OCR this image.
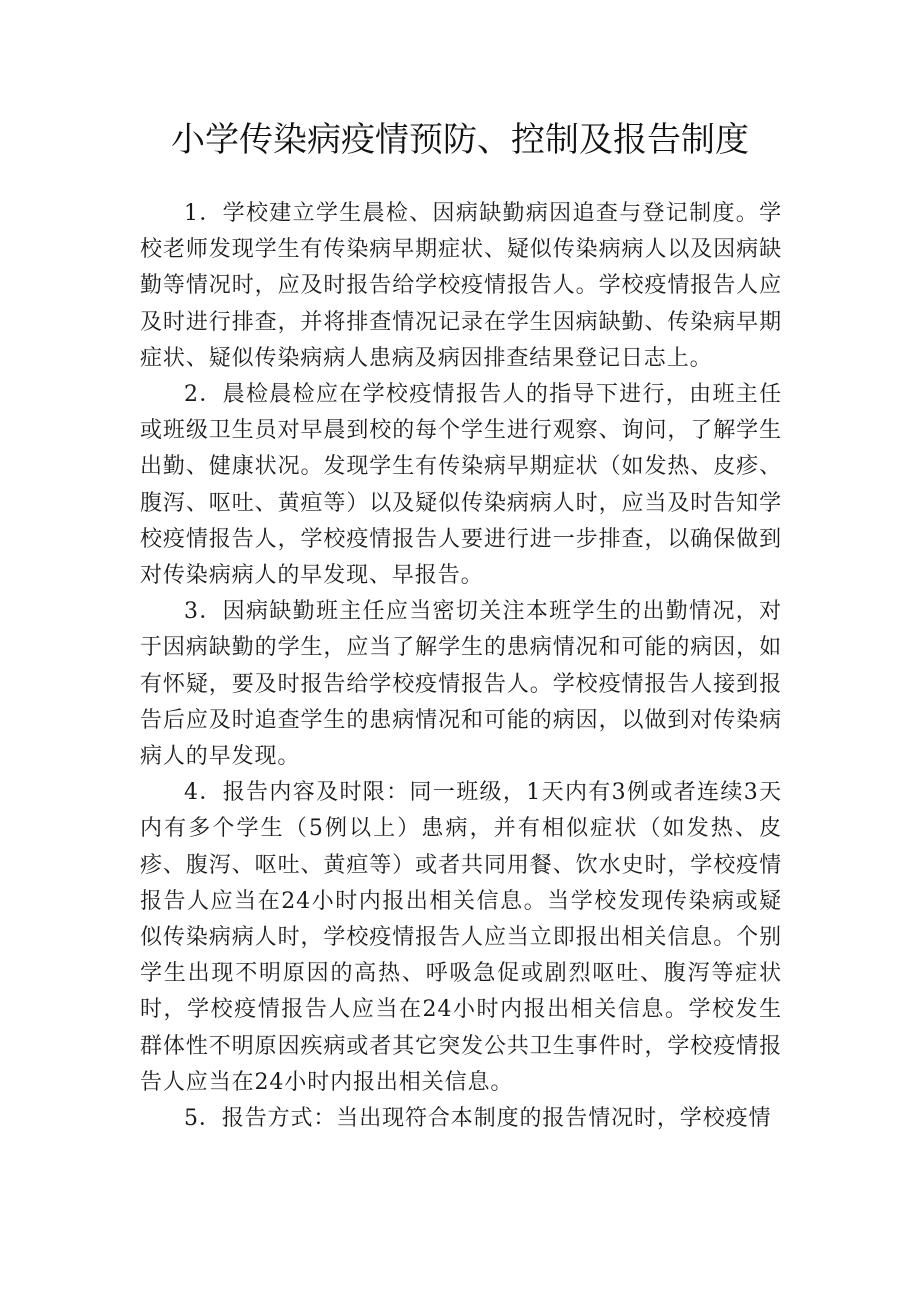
小学传染病疫情预防、控制及报告制度

1．学校建立学生晨检、因病缺勤病因追查与登记制度。学校老师发现学生有传染病早期症状、疑似传染病病人以及因病缺勤等情况时，应及时报告给学校疫情报告人。学校疫情报告人应及时进行排查，并将排查情况记录在学生因病缺勤、传染病早期症状、疑似传染病病人患病及病因排查结果登记日志上。

2．晨检晨检应在学校疫情报告人的指导下进行，由班主任或班级卫生员对早晨到校的每个学生进行观察、询问，了解学生出勤、健康状况。发现学生有传染病早期症状（如发热、皮疹、腹泻、呕吐、黄疸等）以及疑似传染病病人时，应当及时告知学校疫情报告人，学校疫情报告人要进行进一步排查，以确保做到对传染病病人的早发现、早报告。

3．因病缺勤班主任应当密切关注本班学生的出勤情况，对于因病缺勤的学生，应当了解学生的患病情况和可能的病因，如有怀疑，要及时报告给学校疫情报告人。学校疫情报告人接到报告后应及时追查学生的患病情况和可能的病因，以做到对传染病病人的早发现。

4．报告内容及时限：同一班级，1天内有3例或者连续3天内有多个学生（5例以上）患病，并有相似症状（如发热、皮疹、腹泻、呕吐、黄疸等）或者共同用餐、饮水史时，学校疫情报告人应当在24小时内报出相关信息。当学校发现传染病或疑似传染病病人时，学校疫情报告人应当立即报出相关信息。个别学生出现不明原因的高热、呼吸急促或剧烈呕吐、腹泻等症状时，学校疫情报告人应当在24小时内报出相关信息。学校发生群体性不明原因疾病或者其它突发公共卫生事件时，学校疫情报告人应当在24小时内报出相关信息。

5．报告方式：当出现符合本制度的报告情况时，学校疫情
